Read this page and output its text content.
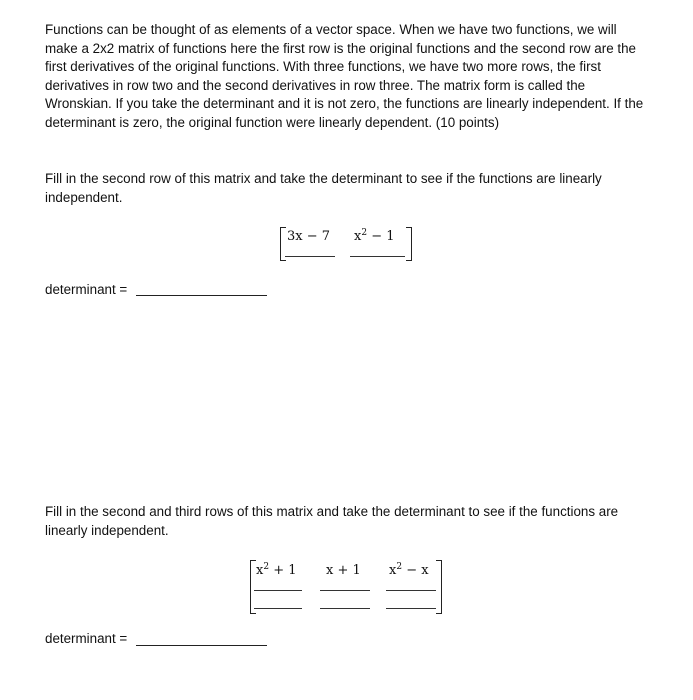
Functions can be thought of as elements of a vector space. When we have two functions, we will make a 2x2 matrix of functions here the first row is the original functions and the second row are the first derivatives of the original functions. With three functions, we have two more rows, the first derivatives in row two and the second derivatives in row three. The matrix form is called the Wronskian. If you take the determinant and it is not zero, the functions are linearly independent. If the determinant is zero, the original function were linearly dependent. (10 points)

Fill in the second row of this matrix and take the determinant to see if the functions are linearly independent.

3x − 7 $x^2 - 1$
determinant =

Fill in the second and third rows of this matrix and take the determinant to see if the functions are linearly independent.

$x^2 + 1$ x + 1 $x^2 - x$
determinant =
